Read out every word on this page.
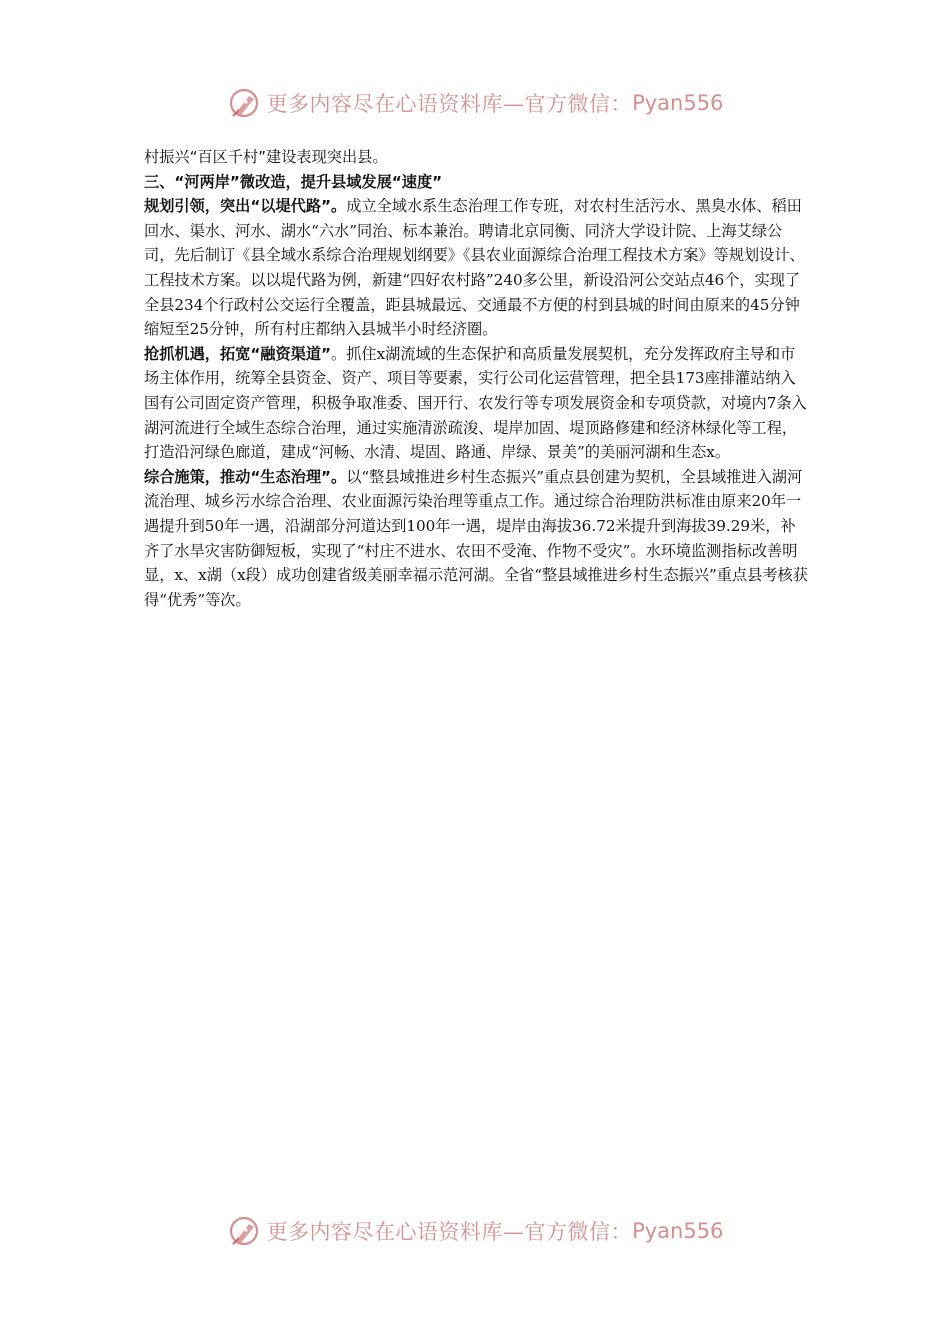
更多内容尽在心语资料库—官方微信： Pyan556

村振兴“百区千村”建设表现突出县。

三、“河两岸”微改造，提升县域发展“速度”

规划引领，突出“以堤代路”。成立全域水系生态治理工作专班，对农村生活污水、黑臭水体、稻田回水、渠水、河水、湖水“六水”同治、标本兼治。聘请北京同衡、同济大学设计院、上海艾绿公司，先后制订《县全域水系综合治理规划纲要》《县农业面源综合治理工程技术方案》等规划设计、工程技术方案。以以堤代路为例，新建“四好农村路”240多公里，新设沿河公交站点46个，实现了全县234个行政村公交运行全覆盖，距县城最远、交通最不方便的村到县城的时间由原来的45分钟缩短至25分钟，所有村庄都纳入县城半小时经济圈。

抢抓机遇，拓宽“融资渠道”。抓住x湖流域的生态保护和高质量发展契机，充分发挥政府主导和市场主体作用，统筹全县资金、资产、项目等要素，实行公司化运营管理，把全县173座排灌站纳入国有公司固定资产管理，积极争取准委、国开行、农发行等专项发展资金和专项贷款，对境内7条入湖河流进行全域生态综合治理，通过实施清淤疏浚、堤岸加固、堤顶路修建和经济林绿化等工程，打造沿河绿色廊道，建成“河畅、水清、堤固、路通、岸绿、景美”的美丽河湖和生态x。

综合施策，推动“生态治理”。以“整县域推进乡村生态振兴”重点县创建为契机，全县域推进入湖河流治理、城乡污水综合治理、农业面源污染治理等重点工作。通过综合治理防洪标准由原来20年一遇提升到50年一遇，沿湖部分河道达到100年一遇，堤岸由海拔36.72米提升到海拔39.29米，补齐了水旱灾害防御短板，实现了“村庄不进水、农田不受淹、作物不受灾”。水环境监测指标改善明显，x、x湖（x段）成功创建省级美丽幸福示范河湖。全省“整县域推进乡村生态振兴”重点县考核获得“优秀”等次。

更多内容尽在心语资料库—官方微信： Pyan556
